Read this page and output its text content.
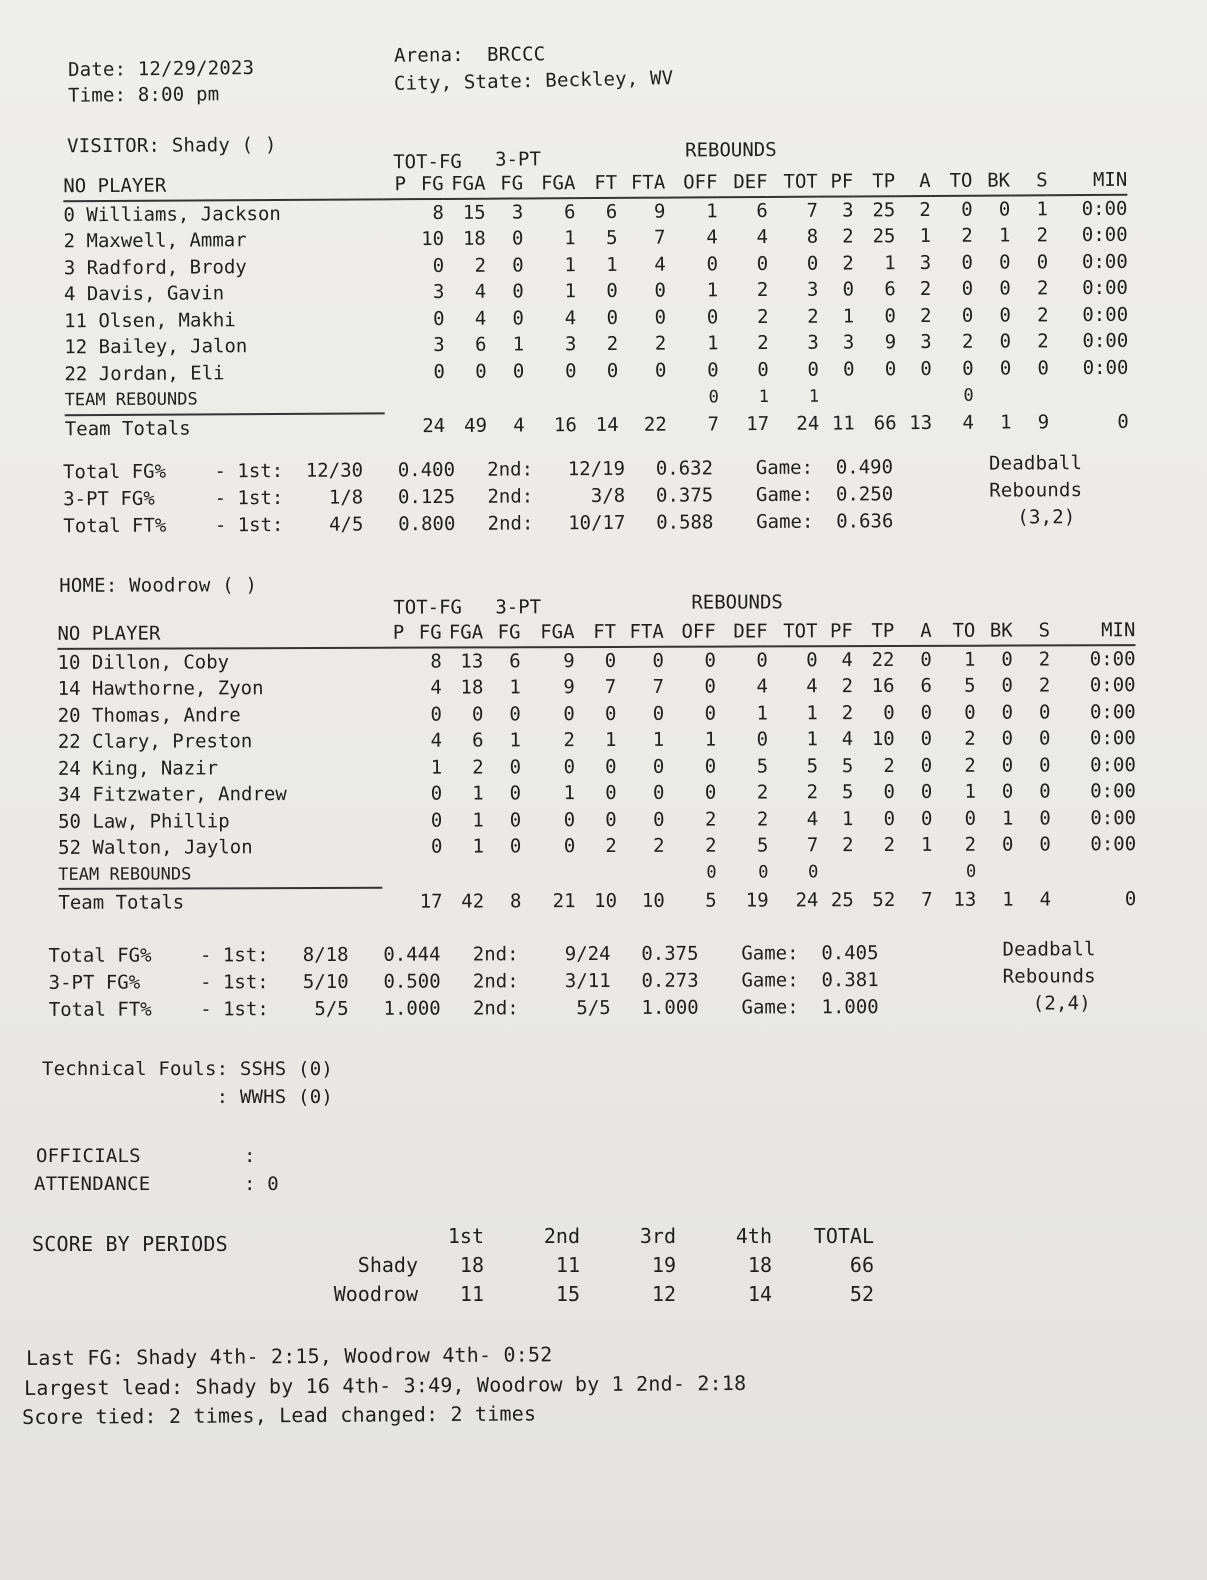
Date: 12/29/2023
Time: 8:00 pm
Arena:  BRCCC
City, State: Beckley, WV
VISITOR: Shady ( )
TOT-FG 3-PT	REBOUNDS
NO PLAYER	P	FG	FGA	FG	FGA	FT	FTA	OFF	DEF	TOT	PF	TP	A	TO	BK	S	MIN
0 Williams, Jackson		8	15	3	6	6	9	1	6	7	3	25	2	0	0	1	0:00
2 Maxwell, Ammar		10	18	0	1	5	7	4	4	8	2	25	1	2	1	2	0:00
3 Radford, Brody		0	2	0	1	1	4	0	0	0	2	1	3	0	0	0	0:00
4 Davis, Gavin		3	4	0	1	0	0	1	2	3	0	6	2	0	0	2	0:00
11 Olsen, Makhi		0	4	0	4	0	0	0	2	2	1	0	2	0	0	2	0:00
12 Bailey, Jalon		3	6	1	3	2	2	1	2	3	3	9	3	2	0	2	0:00
22 Jordan, Eli		0	0	0	0	0	0	0	0	0	0	0	0	0	0	0	0:00
TEAM REBOUNDS								0	1	1				0			
Team Totals		24	49	4	16	14	22	7	17	24	11	66	13	4	1	9	0
Total FG%	- 1st:	12/30	0.400	2nd:	12/19	0.632	Game:	0.490
3-PT FG%	- 1st:	1/8	0.125	2nd:	3/8	0.375	Game:	0.250
Total FT%	- 1st:	4/5	0.800	2nd:	10/17	0.588	Game:	0.636
Deadball
Rebounds
(3,2)
HOME: Woodrow ( )
TOT-FG 3-PT	REBOUNDS
NO PLAYER	P	FG	FGA	FG	FGA	FT	FTA	OFF	DEF	TOT	PF	TP	A	TO	BK	S	MIN
10 Dillon, Coby		8	13	6	9	0	0	0	0	0	4	22	0	1	0	2	0:00
14 Hawthorne, Zyon		4	18	1	9	7	7	0	4	4	2	16	6	5	0	2	0:00
20 Thomas, Andre		0	0	0	0	0	0	0	1	1	2	0	0	0	0	0	0:00
22 Clary, Preston		4	6	1	2	1	1	1	0	1	4	10	0	2	0	0	0:00
24 King, Nazir		1	2	0	0	0	0	0	5	5	5	2	0	2	0	0	0:00
34 Fitzwater, Andrew		0	1	0	1	0	0	0	2	2	5	0	0	1	0	0	0:00
50 Law, Phillip		0	1	0	0	0	0	2	2	4	1	0	0	0	1	0	0:00
52 Walton, Jaylon		0	1	0	0	2	2	2	5	7	2	2	1	2	0	0	0:00
TEAM REBOUNDS								0	0	0				0			
Team Totals		17	42	8	21	10	10	5	19	24	25	52	7	13	1	4	0
Total FG%	- 1st:	8/18	0.444	2nd:	9/24	0.375	Game:	0.405
3-PT FG%	- 1st:	5/10	0.500	2nd:	3/11	0.273	Game:	0.381
Total FT%	- 1st:	5/5	1.000	2nd:	5/5	1.000	Game:	1.000
Deadball
Rebounds
(2,4)
Technical Fouls: SSHS (0)
: WWHS (0)
OFFICIALS	:
ATTENDANCE	: 0
SCORE BY PERIODS
		1st	2nd	3rd	4th	TOTAL
Shady	18	11	19	18	66
Woodrow	11	15	12	14	52
Last FG: Shady 4th- 2:15, Woodrow 4th- 0:52
Largest lead: Shady by 16 4th- 3:49, Woodrow by 1 2nd- 2:18
Score tied: 2 times, Lead changed: 2 times
